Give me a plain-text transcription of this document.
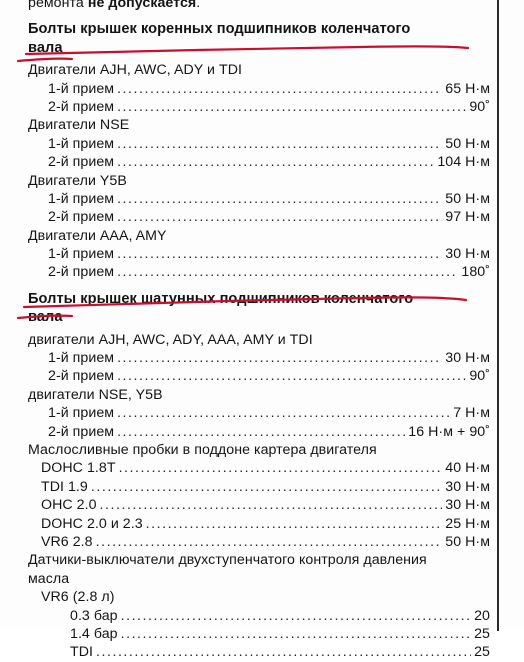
ремонта не допускается.
Болты крышек коренных подшипников коленчатого
вала
Двигатели AJH, AWC, ADY и TDI
1-й прием . . .	65 Н·м
2-й прием . . .	90˚
Двигатели NSE
1-й прием . . .	50 Н·м
2-й прием . . .	104 Н·м
Двигатели Y5B
1-й прием . . .	50 Н·м
2-й прием . . .	97 Н·м
Двигатели AAA, AMY
1-й прием . . .	30 Н·м
2-й прием . . .	180˚
Болты крышек шатунных подшипников коленчатого
вала
двигатели AJH, AWC, ADY, AAA, AMY и TDI
1-й прием . . .	30 Н·м
2-й прием . . .	90˚
двигатели NSE, Y5B
1-й прием . . .	7 Н·м
2-й прием . . .	16 Н·м + 90˚
Маслосливные пробки в поддоне картера двигателя
DOHC 1.8T . . .	40 Н·м
TDI 1.9 . . .	30 Н·м
OHC 2.0 . . .	30 Н·м
DOHC 2.0 и 2.3 . . .	25 Н·м
VR6 2.8 . . .	50 Н·м
Датчики-выключатели двухступенчатого контроля давления
масла
VR6 (2.8 л)
0.3 бар . . .	20
1.4 бар . . .	25
TDI . . .	25
